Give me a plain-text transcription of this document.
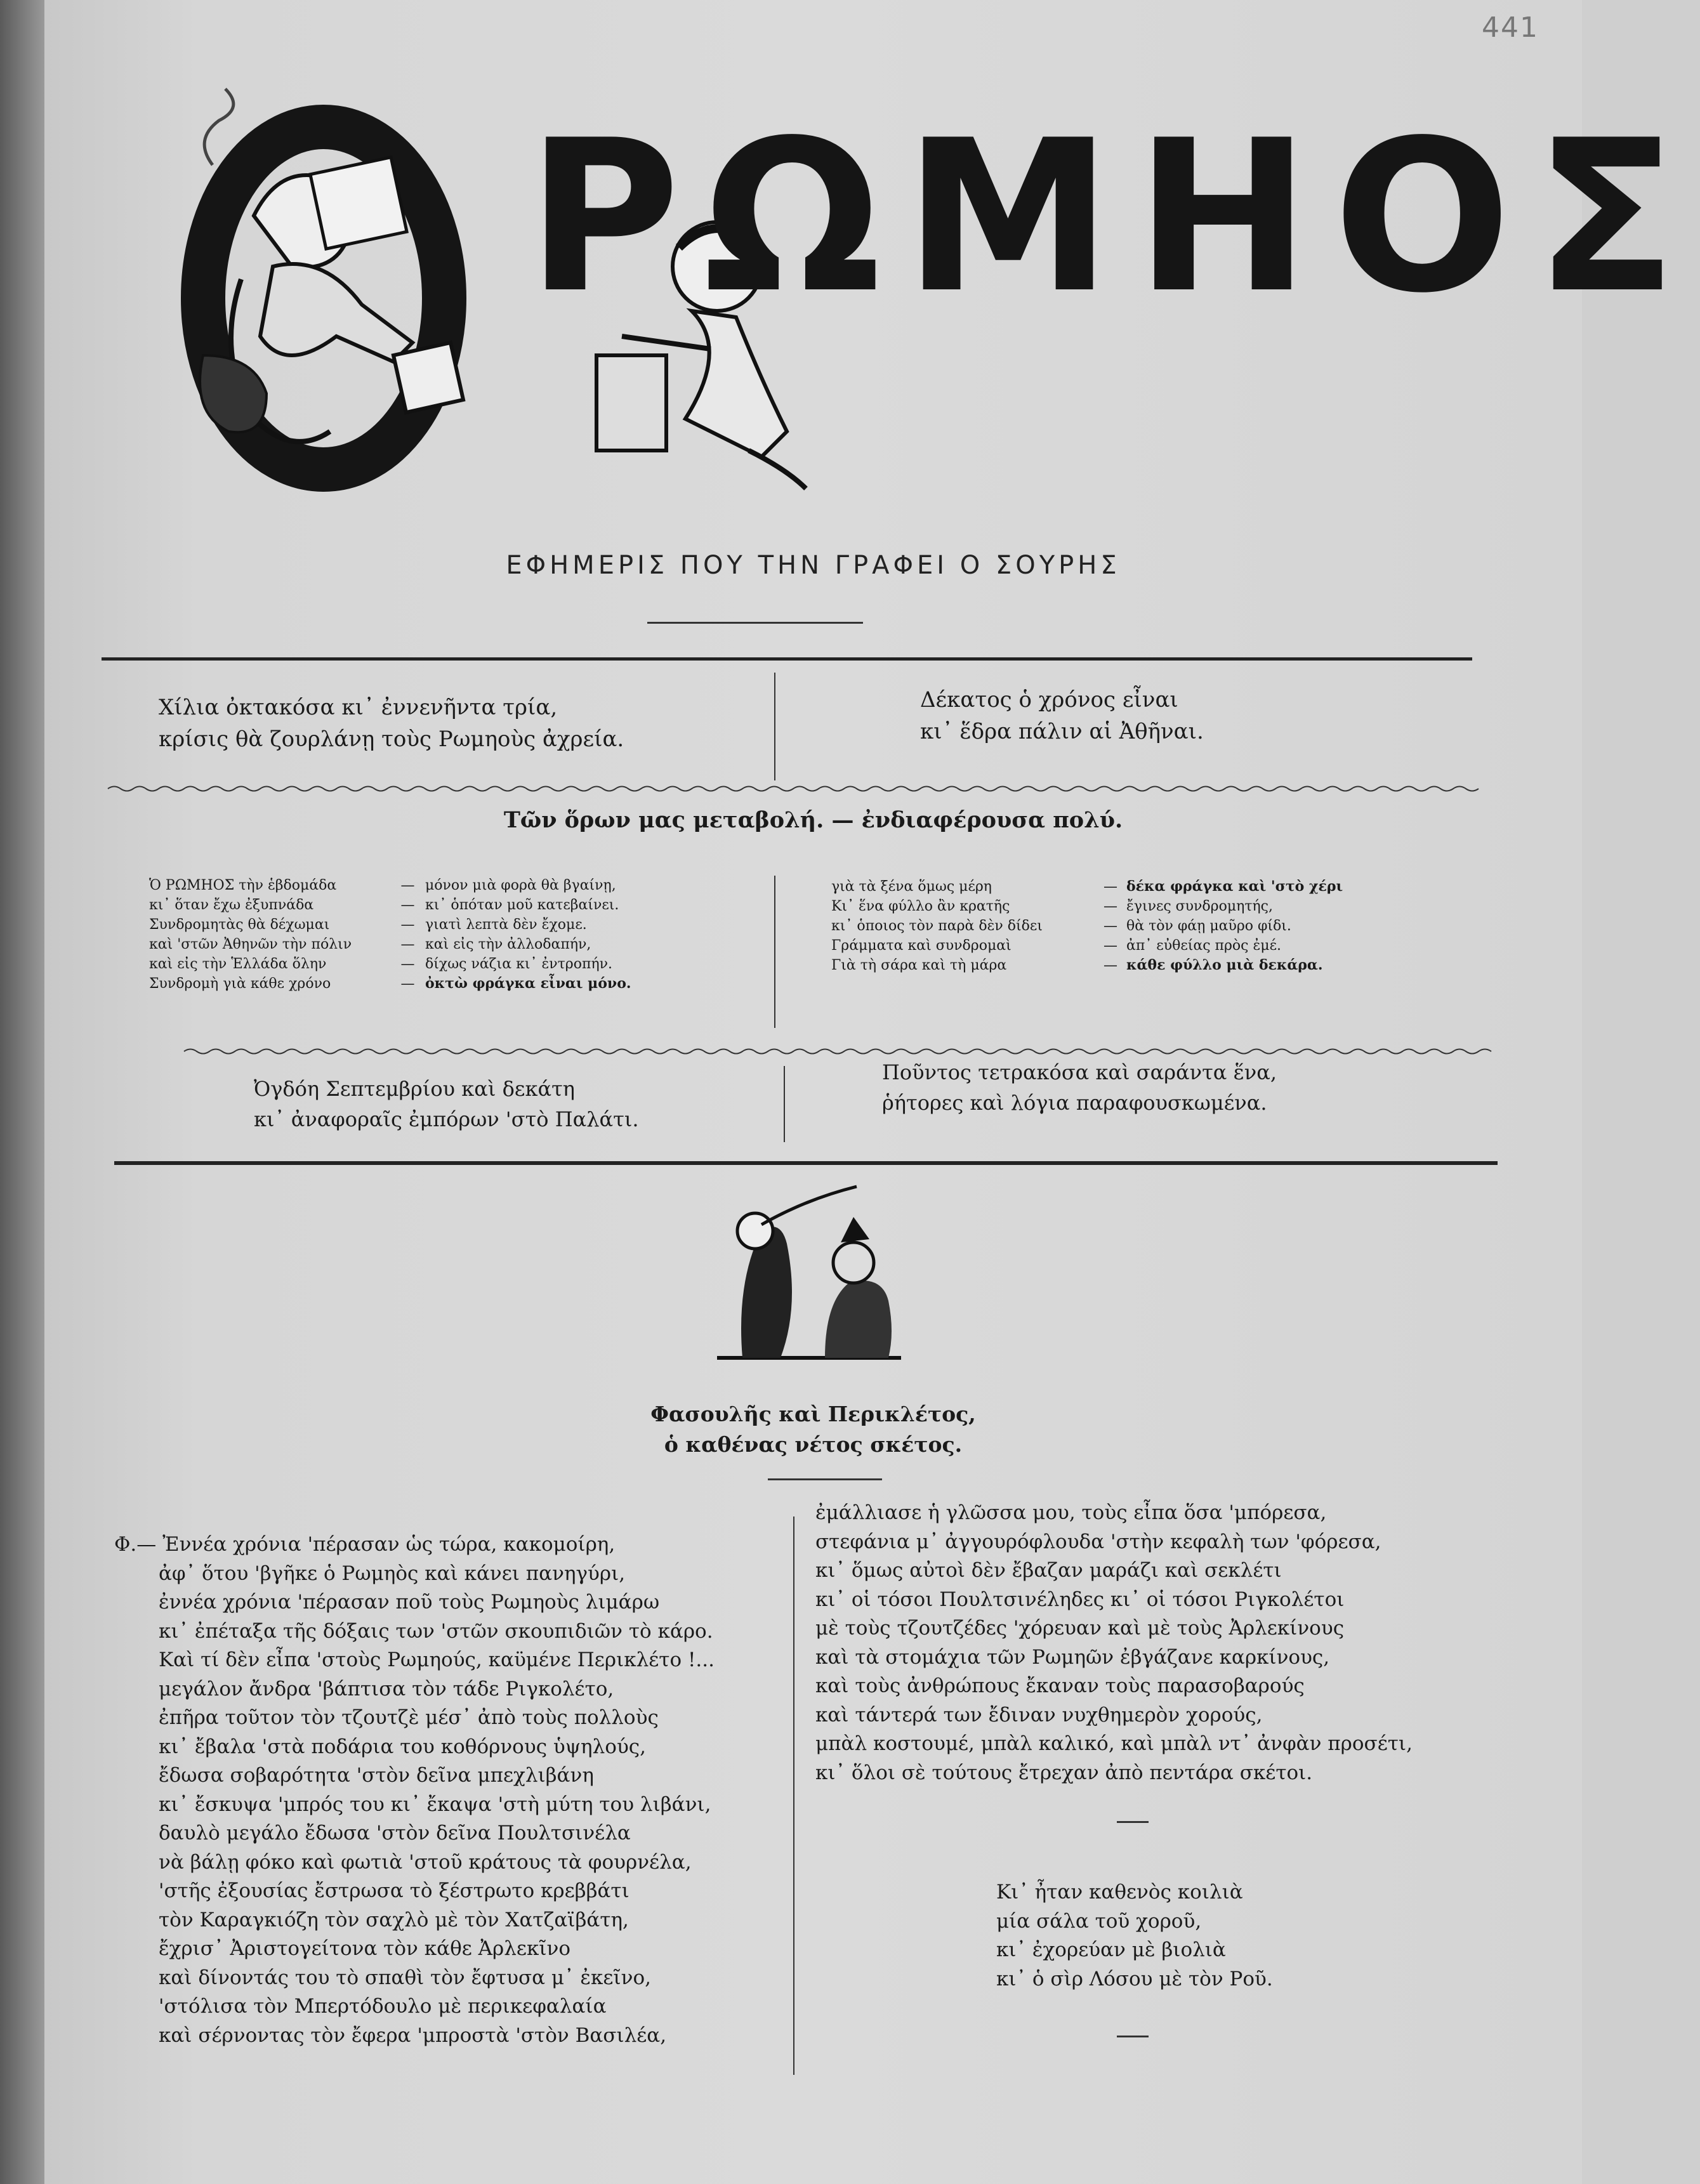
441
ΡΩΜΗΟΣ
ΕΦΗΜΕΡΙΣ ΠΟΥ ΤΗΝ ΓΡΑΦΕΙ Ο ΣΟΥΡΗΣ
Χίλια ὀκτακόσα κι᾽ ἐννενῆντα τρία,
κρίσις θὰ ζουρλάνῃ τοὺς Ρωμηοὺς ἀχρεία.
Δέκατος ὁ χρόνος εἶναι
κι᾽ ἕδρα πάλιν αἱ Ἀθῆναι.
Τῶν ὅρων μας μεταβολή. — ἐνδιαφέρουσα πολύ.
Ὁ ΡΩΜΗΟΣ τὴν ἑβδομάδα	— μόνον μιὰ φορὰ θὰ βγαίνῃ,
κι᾽ ὅταν ἔχω ἐξυπνάδα	— κι᾽ ὁπόταν μοῦ κατεβαίνει.
Συνδρομητὰς θὰ δέχωμαι	— γιατὶ λεπτὰ δὲν ἔχομε.
καὶ 'στῶν Ἀθηνῶν τὴν πόλιν	— καὶ εἰς τὴν ἀλλοδαπήν,
καὶ εἰς τὴν Ἑλλάδα ὅλην	— δίχως νάζια κι᾽ ἐντροπήν.
Συνδρομὴ γιὰ κάθε χρόνο	— ὀκτὼ φράγκα εἶναι μόνο.
γιὰ τὰ ξένα ὅμως μέρη	— δέκα φράγκα καὶ 'στὸ χέρι
Κι᾽ ἕνα φύλλο ἂν κρατῆς	— ἔγινες συνδρομητής,
κι᾽ ὁποιος τὸν παρὰ δὲν δίδει	— θὰ τὸν φάῃ μαῦρο φίδι.
Γράμματα καὶ συνδρομαὶ	— ἀπ᾽ εὐθείας πρὸς ἐμέ.
Γιὰ τὴ σάρα καὶ τὴ μάρα	— κάθε φύλλο μιὰ δεκάρα.
Ὀγδόη Σεπτεμβρίου καὶ δεκάτη
κι᾽ ἀναφοραῖς ἐμπόρων 'στὸ Παλάτι.
Ποῦντος τετρακόσα καὶ σαράντα ἕνα,
ῥήτορες καὶ λόγια παραφουσκωμένα.
Φασουλῆς καὶ Περικλέτος,
ὁ καθένας νέτος σκέτος.
Φ.— Ἐννέα χρόνια 'πέρασαν ὡς τώρα, κακομοίρη,
ἀφ᾽ ὅτου 'βγῆκε ὁ Ρωμηὸς καὶ κάνει πανηγύρι,
ἐννέα χρόνια 'πέρασαν ποῦ τοὺς Ρωμηοὺς λιμάρω
κι᾽ ἐπέταξα τῆς δόξαις των 'στῶν σκουπιδιῶν τὸ κάρο.
Καὶ τί δὲν εἶπα 'στοὺς Ρωμηούς, καϋμένε Περικλέτο !...
μεγάλον ἄνδρα 'βάπτισα τὸν τάδε Ριγκολέτο,
ἐπῆρα τοῦτον τὸν τζουτζὲ μέσ᾽ ἀπὸ τοὺς πολλοὺς
κι᾽ ἔβαλα 'στὰ ποδάρια του κοθόρνους ὑψηλούς,
ἔδωσα σοβαρότητα 'στὸν δεῖνα μπεχλιβάνη
κι᾽ ἔσκυψα 'μπρός του κι᾽ ἔκαψα 'στὴ μύτη του λιβάνι,
δαυλὸ μεγάλο ἔδωσα 'στὸν δεῖνα Πουλτσινέλα
νὰ βάλῃ φόκο καὶ φωτιὰ 'στοῦ κράτους τὰ φουρνέλα,
'στῆς ἐξουσίας ἔστρωσα τὸ ξέστρωτο κρεββάτι
τὸν Καραγκιόζη τὸν σαχλὸ μὲ τὸν Χατζαϊβάτη,
ἔχρισ᾽ Ἀριστογείτονα τὸν κάθε Ἀρλεκῖνο
καὶ δίνοντάς του τὸ σπαθὶ τὸν ἔφτυσα μ᾽ ἐκεῖνο,
'στόλισα τὸν Μπερτόδουλο μὲ περικεφαλαία
καὶ σέρνοντας τὸν ἔφερα 'μπροστὰ 'στὸν Βασιλέα,
ἐμάλλιασε ἡ γλῶσσα μου, τοὺς εἶπα ὅσα 'μπόρεσα,
στεφάνια μ᾽ ἀγγουρόφλουδα 'στὴν κεφαλὴ των 'φόρεσα,
κι᾽ ὅμως αὐτοὶ δὲν ἔβαζαν μαράζι καὶ σεκλέτι
κι᾽ οἱ τόσοι Πουλτσινέληδες κι᾽ οἱ τόσοι Ριγκολέτοι
μὲ τοὺς τζουτζέδες 'χόρευαν καὶ μὲ τοὺς Ἀρλεκίνους
καὶ τὰ στομάχια τῶν Ρωμηῶν ἐβγάζανε καρκίνους,
καὶ τοὺς ἀνθρώπους ἔκαναν τοὺς παρασοβαρούς
καὶ τάντερά των ἔδιναν νυχθημερὸν χορούς,
μπὰλ κοστουμέ, μπὰλ καλικό, καὶ μπὰλ ντ᾽ ἀνφὰν προσέτι,
κι᾽ ὅλοι σὲ τούτους ἔτρεχαν ἀπὸ πεντάρα σκέτοι.
Κι᾽ ἦταν καθενὸς κοιλιὰ
μία σάλα τοῦ χοροῦ,
κι᾽ ἐχορεύαν μὲ βιολιὰ
κι᾽ ὁ σὶρ Λόσου μὲ τὸν Ροῦ.
